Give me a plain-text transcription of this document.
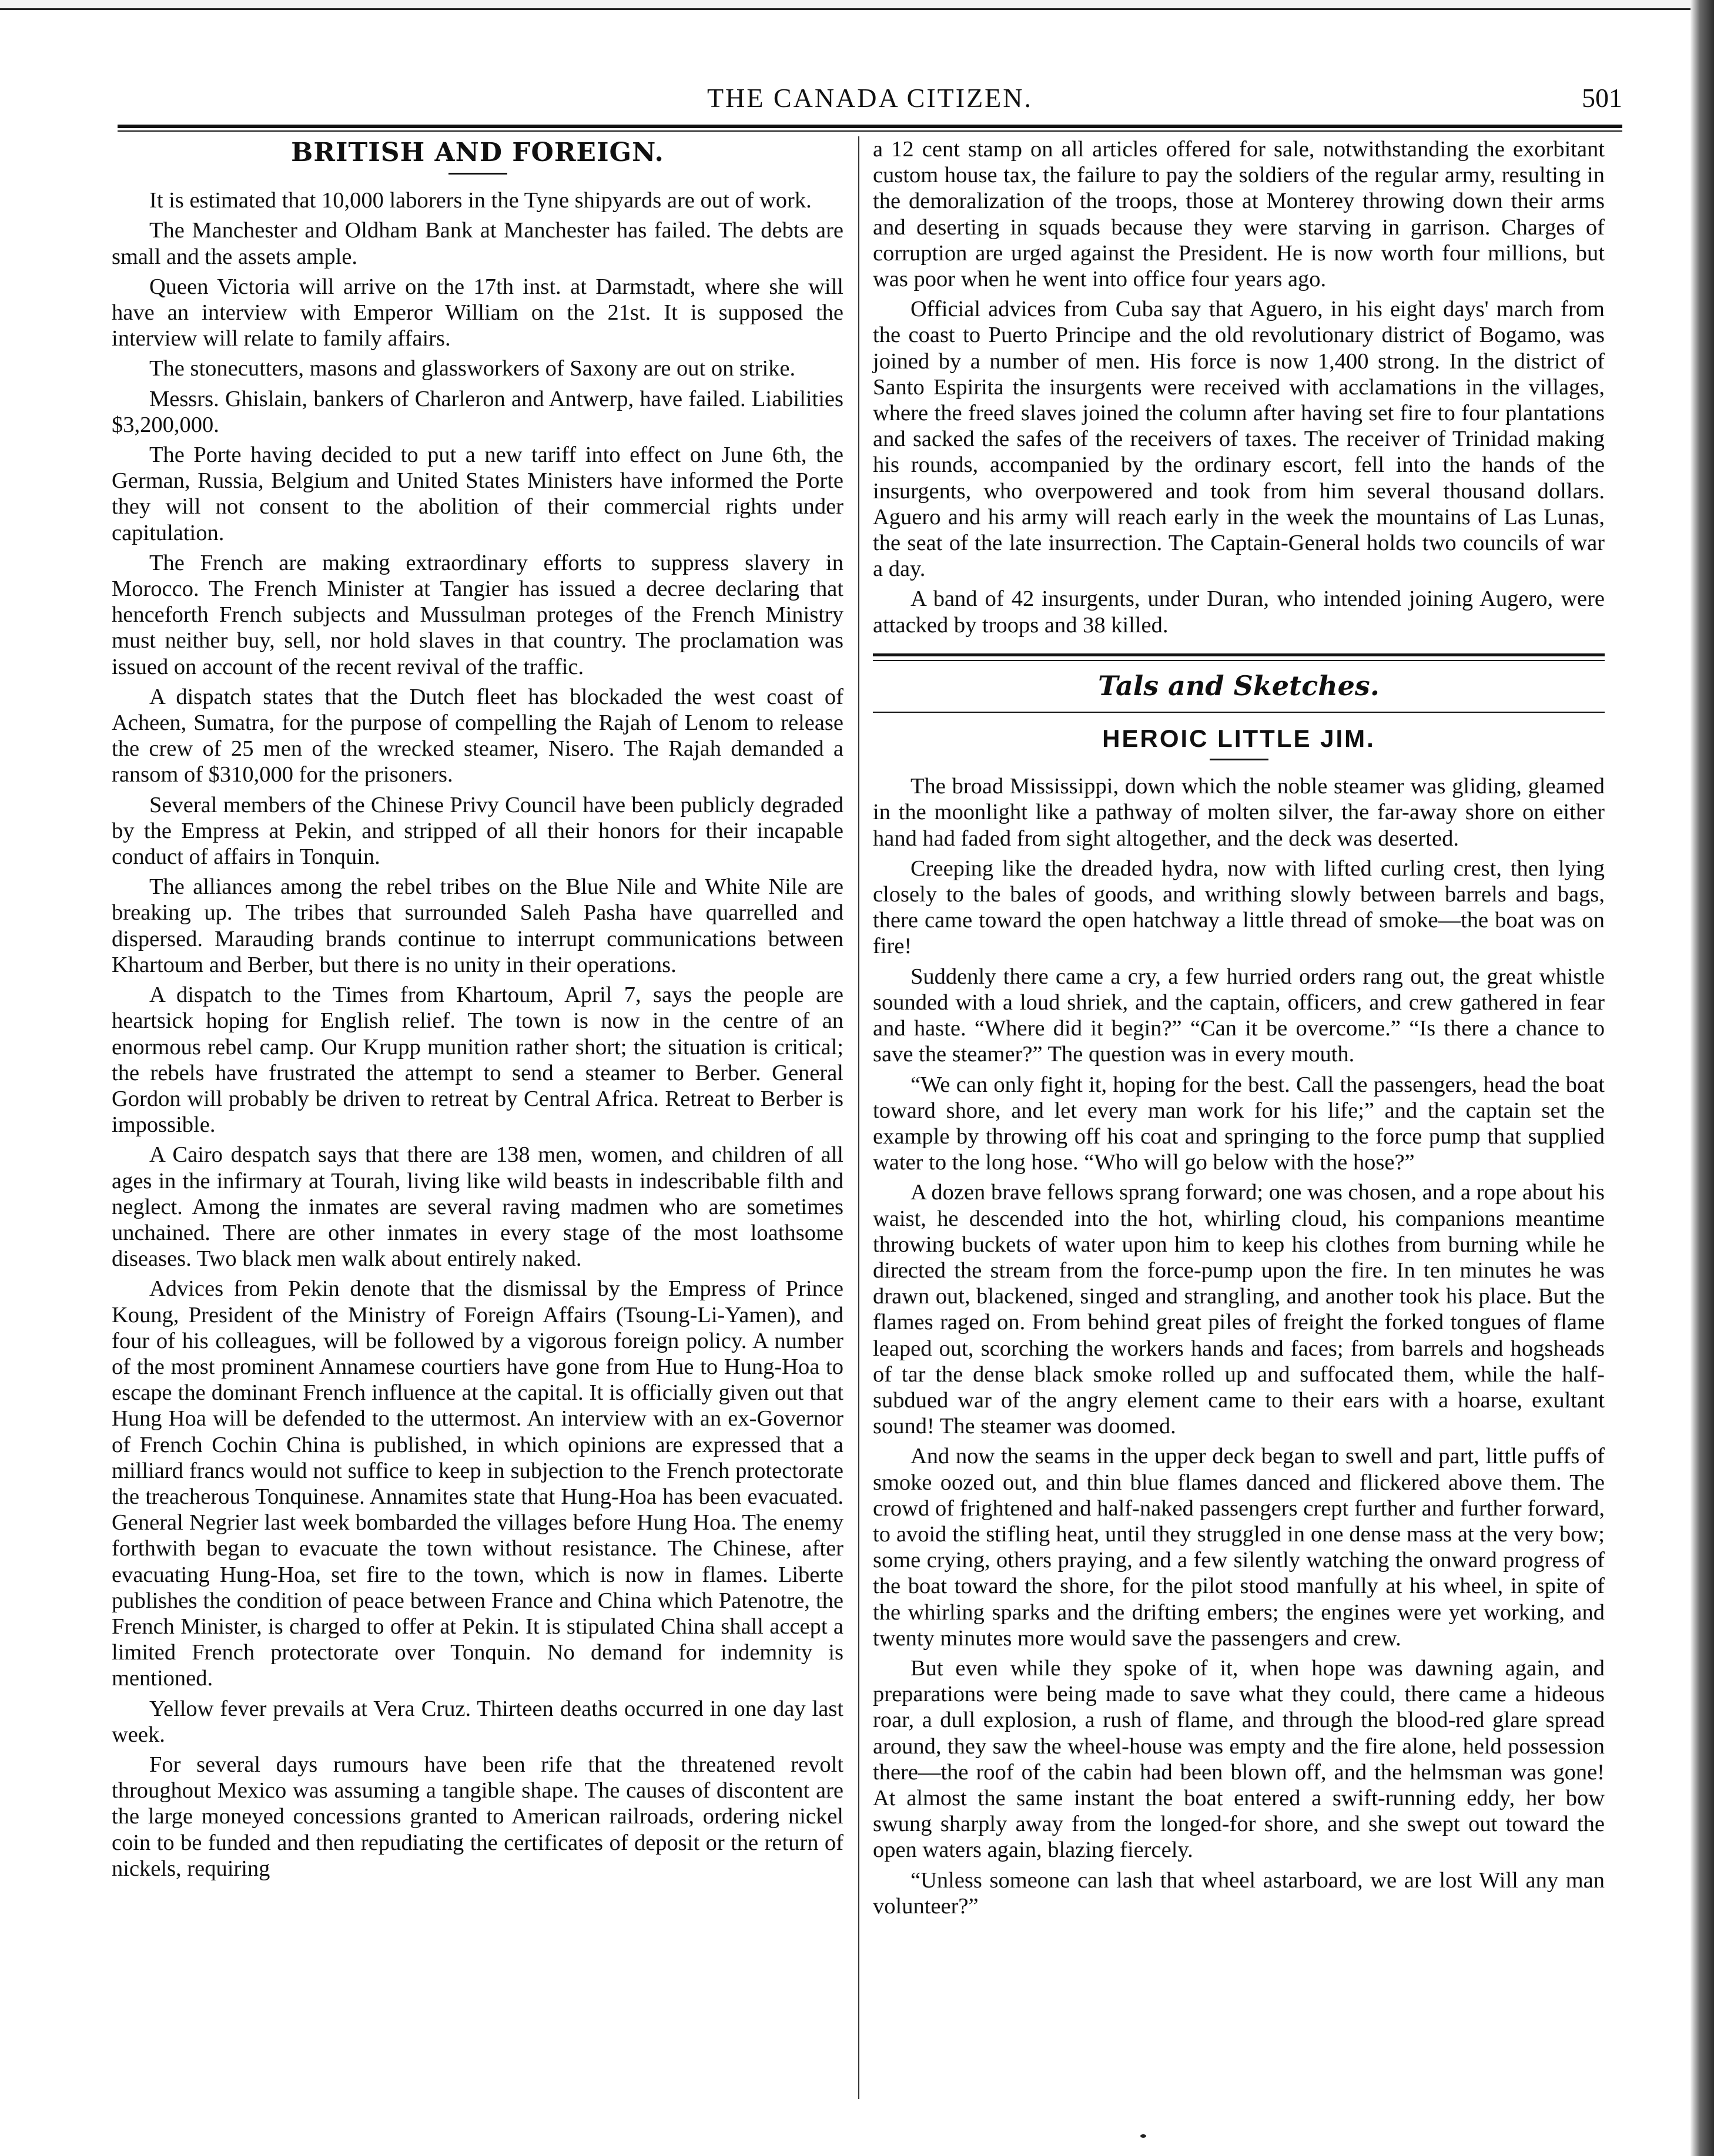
THE CANADA CITIZEN.	501
BRITISH AND FOREIGN.

It is estimated that 10,000 laborers in the Tyne shipyards are out of work.

The Manchester and Oldham Bank at Manchester has failed. The debts are small and the assets ample.

Queen Victoria will arrive on the 17th inst. at Darmstadt, where she will have an interview with Emperor William on the 21st. It is supposed the interview will relate to family affairs.

The stonecutters, masons and glassworkers of Saxony are out on strike.

Messrs. Ghislain, bankers of Charleron and Antwerp, have failed. Liabilities $3,200,000.

The Porte having decided to put a new tariff into effect on June 6th, the German, Russia, Belgium and United States Ministers have informed the Porte they will not consent to the abolition of their commercial rights under capitulation.

The French are making extraordinary efforts to suppress slavery in Morocco. The French Minister at Tangier has issued a decree declaring that henceforth French subjects and Mussulman proteges of the French Ministry must neither buy, sell, nor hold slaves in that country. The proclamation was issued on account of the recent revival of the traffic.

A dispatch states that the Dutch fleet has blockaded the west coast of Acheen, Sumatra, for the purpose of compelling the Rajah of Lenom to release the crew of 25 men of the wrecked steamer, Nisero. The Rajah demanded a ransom of $310,000 for the prisoners.

Several members of the Chinese Privy Council have been publicly degraded by the Empress at Pekin, and stripped of all their honors for their incapable conduct of affairs in Tonquin.

The alliances among the rebel tribes on the Blue Nile and White Nile are breaking up. The tribes that surrounded Saleh Pasha have quarrelled and dispersed. Marauding brands continue to interrupt communications between Khartoum and Berber, but there is no unity in their operations.

A dispatch to the Times from Khartoum, April 7, says the people are heartsick hoping for English relief. The town is now in the centre of an enormous rebel camp. Our Krupp munition rather short; the situation is critical; the rebels have frustrated the attempt to send a steamer to Berber. General Gordon will probably be driven to retreat by Central Africa. Retreat to Berber is impossible.

A Cairo despatch says that there are 138 men, women, and children of all ages in the infirmary at Tourah, living like wild beasts in indescribable filth and neglect. Among the inmates are several raving madmen who are sometimes unchained. There are other inmates in every stage of the most loathsome diseases. Two black men walk about entirely naked.

Advices from Pekin denote that the dismissal by the Empress of Prince Koung, President of the Ministry of Foreign Affairs (Tsoung-Li-Yamen), and four of his colleagues, will be followed by a vigorous foreign policy. A number of the most prominent Annamese courtiers have gone from Hue to Hung-Hoa to escape the dominant French influence at the capital. It is officially given out that Hung Hoa will be defended to the uttermost. An interview with an ex-Governor of French Cochin China is published, in which opinions are expressed that a milliard francs would not suffice to keep in subjection to the French protectorate the treacherous Tonquinese. Annamites state that Hung-Hoa has been evacuated. General Negrier last week bombarded the villages before Hung Hoa. The enemy forthwith began to evacuate the town without resistance. The Chinese, after evacuating Hung-Hoa, set fire to the town, which is now in flames. Liberte publishes the condition of peace between France and China which Patenotre, the French Minister, is charged to offer at Pekin. It is stipulated China shall accept a limited French protectorate over Tonquin. No demand for indemnity is mentioned.

Yellow fever prevails at Vera Cruz. Thirteen deaths occurred in one day last week.

For several days rumours have been rife that the threatened revolt throughout Mexico was assuming a tangible shape. The causes of discontent are the large moneyed concessions granted to American railroads, ordering nickel coin to be funded and then repudiating the certificates of deposit or the return of nickels, requiring

a 12 cent stamp on all articles offered for sale, notwithstanding the exorbitant custom house tax, the failure to pay the soldiers of the regular army, resulting in the demoralization of the troops, those at Monterey throwing down their arms and deserting in squads because they were starving in garrison. Charges of corruption are urged against the President. He is now worth four millions, but was poor when he went into office four years ago.

Official advices from Cuba say that Aguero, in his eight days' march from the coast to Puerto Principe and the old revolutionary district of Bogamo, was joined by a number of men. His force is now 1,400 strong. In the district of Santo Espirita the insurgents were received with acclamations in the villages, where the freed slaves joined the column after having set fire to four plantations and sacked the safes of the receivers of taxes. The receiver of Trinidad making his rounds, accompanied by the ordinary escort, fell into the hands of the insurgents, who overpowered and took from him several thousand dollars. Aguero and his army will reach early in the week the mountains of Las Lunas, the seat of the late insurrection. The Captain-General holds two councils of war a day.

A band of 42 insurgents, under Duran, who intended joining Augero, were attacked by troops and 38 killed.

Tals and Sketches.
HEROIC LITTLE JIM.

The broad Mississippi, down which the noble steamer was gliding, gleamed in the moonlight like a pathway of molten silver, the far-away shore on either hand had faded from sight altogether, and the deck was deserted.

Creeping like the dreaded hydra, now with lifted curling crest, then lying closely to the bales of goods, and writhing slowly between barrels and bags, there came toward the open hatchway a little thread of smoke—the boat was on fire!

Suddenly there came a cry, a few hurried orders rang out, the great whistle sounded with a loud shriek, and the captain, officers, and crew gathered in fear and haste. “Where did it begin?” “Can it be overcome.” “Is there a chance to save the steamer?” The question was in every mouth.

“We can only fight it, hoping for the best. Call the passengers, head the boat toward shore, and let every man work for his life;” and the captain set the example by throwing off his coat and springing to the force pump that supplied water to the long hose. “Who will go below with the hose?”

A dozen brave fellows sprang forward; one was chosen, and a rope about his waist, he descended into the hot, whirling cloud, his companions meantime throwing buckets of water upon him to keep his clothes from burning while he directed the stream from the force-pump upon the fire. In ten minutes he was drawn out, blackened, singed and strangling, and another took his place. But the flames raged on. From behind great piles of freight the forked tongues of flame leaped out, scorching the workers hands and faces; from barrels and hogsheads of tar the dense black smoke rolled up and suffocated them, while the half-subdued war of the angry element came to their ears with a hoarse, exultant sound! The steamer was doomed.

And now the seams in the upper deck began to swell and part, little puffs of smoke oozed out, and thin blue flames danced and flickered above them. The crowd of frightened and half-naked passengers crept further and further forward, to avoid the stifling heat, until they struggled in one dense mass at the very bow; some crying, others praying, and a few silently watching the onward progress of the boat toward the shore, for the pilot stood manfully at his wheel, in spite of the whirling sparks and the drifting embers; the engines were yet working, and twenty minutes more would save the passengers and crew.

But even while they spoke of it, when hope was dawning again, and preparations were being made to save what they could, there came a hideous roar, a dull explosion, a rush of flame, and through the blood-red glare spread around, they saw the wheel-house was empty and the fire alone, held possession there—the roof of the cabin had been blown off, and the helmsman was gone! At almost the same instant the boat entered a swift-running eddy, her bow swung sharply away from the longed-for shore, and she swept out toward the open waters again, blazing fiercely.

“Unless someone can lash that wheel astarboard, we are lost Will any man volunteer?”
